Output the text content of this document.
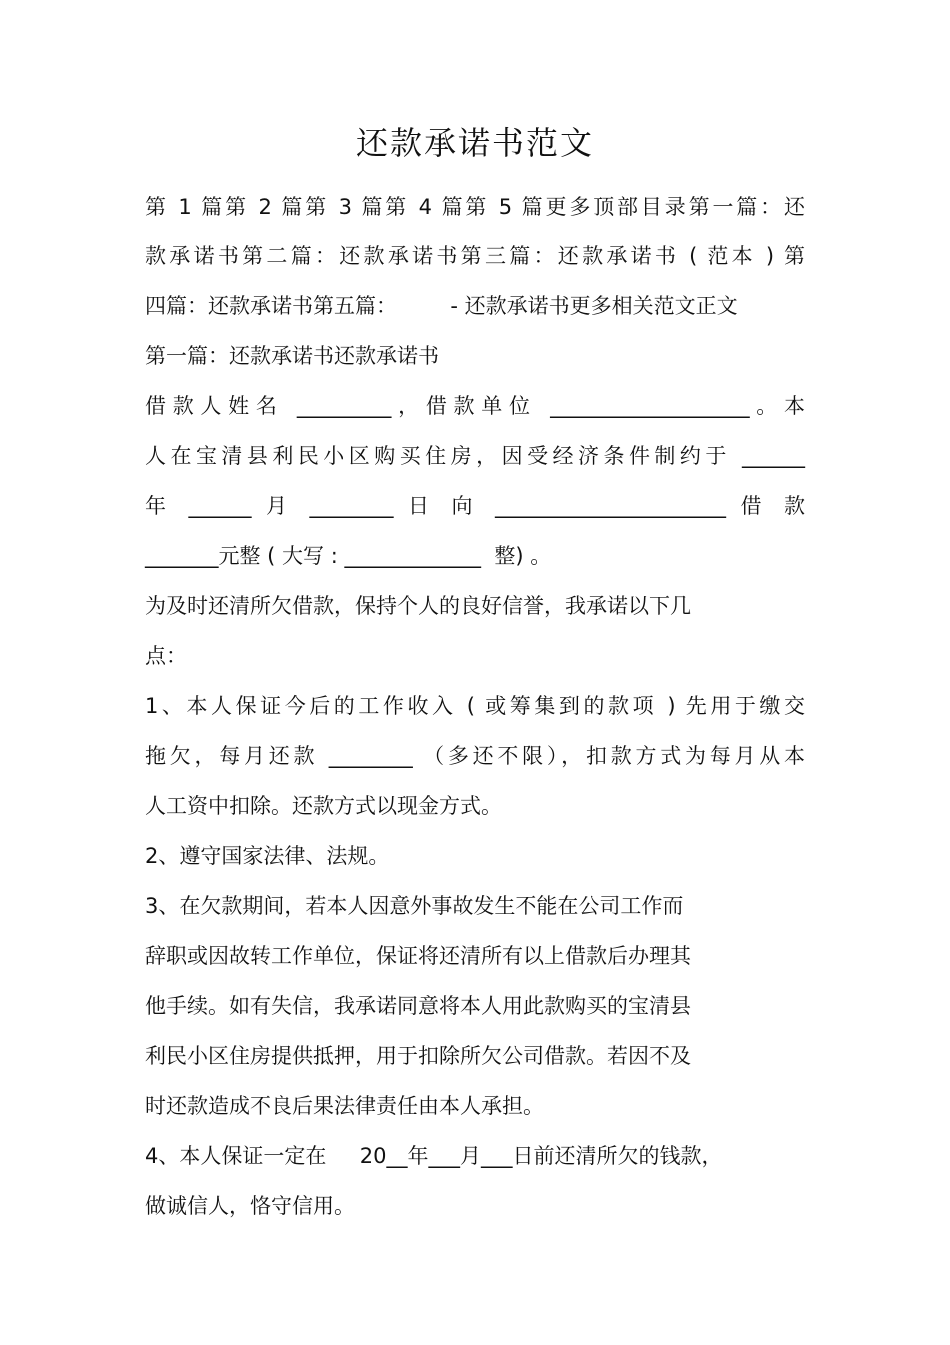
还款承诺书范文
第 1 篇第 2 篇第 3 篇第 4 篇第 5 篇更多顶部目录第一篇：还
款承诺书第二篇：还款承诺书第三篇：还款承诺书 ( 范本 ) 第
四篇：还款承诺书第五篇：        - 还款承诺书更多相关范文正文
第一篇：还款承诺书还款承诺书
借款人姓名 _________，借款单位 ___________________。本
人在宝清县利民小区购买住房，因受经济条件制约于 ______
年 ______ 月 ________ 日 向 ______________________ 借 款
_______元整 ( 大写 : _____________  整) 。
为及时还清所欠借款，保持个人的良好信誉，我承诺以下几
点：
1、本人保证今后的工作收入 ( 或筹集到的款项 ) 先用于缴交
拖欠，每月还款 ________ （多还不限），扣款方式为每月从本
人工资中扣除。还款方式以现金方式。
2、遵守国家法律、法规。
3、在欠款期间，若本人因意外事故发生不能在公司工作而
辞职或因故转工作单位，保证将还清所有以上借款后办理其
他手续。如有失信，我承诺同意将本人用此款购买的宝清县
利民小区住房提供抵押，用于扣除所欠公司借款。若因不及
时还款造成不良后果法律责任由本人承担。
4、本人保证一定在     20__年___月___日前还清所欠的钱款，
做诚信人，恪守信用。
